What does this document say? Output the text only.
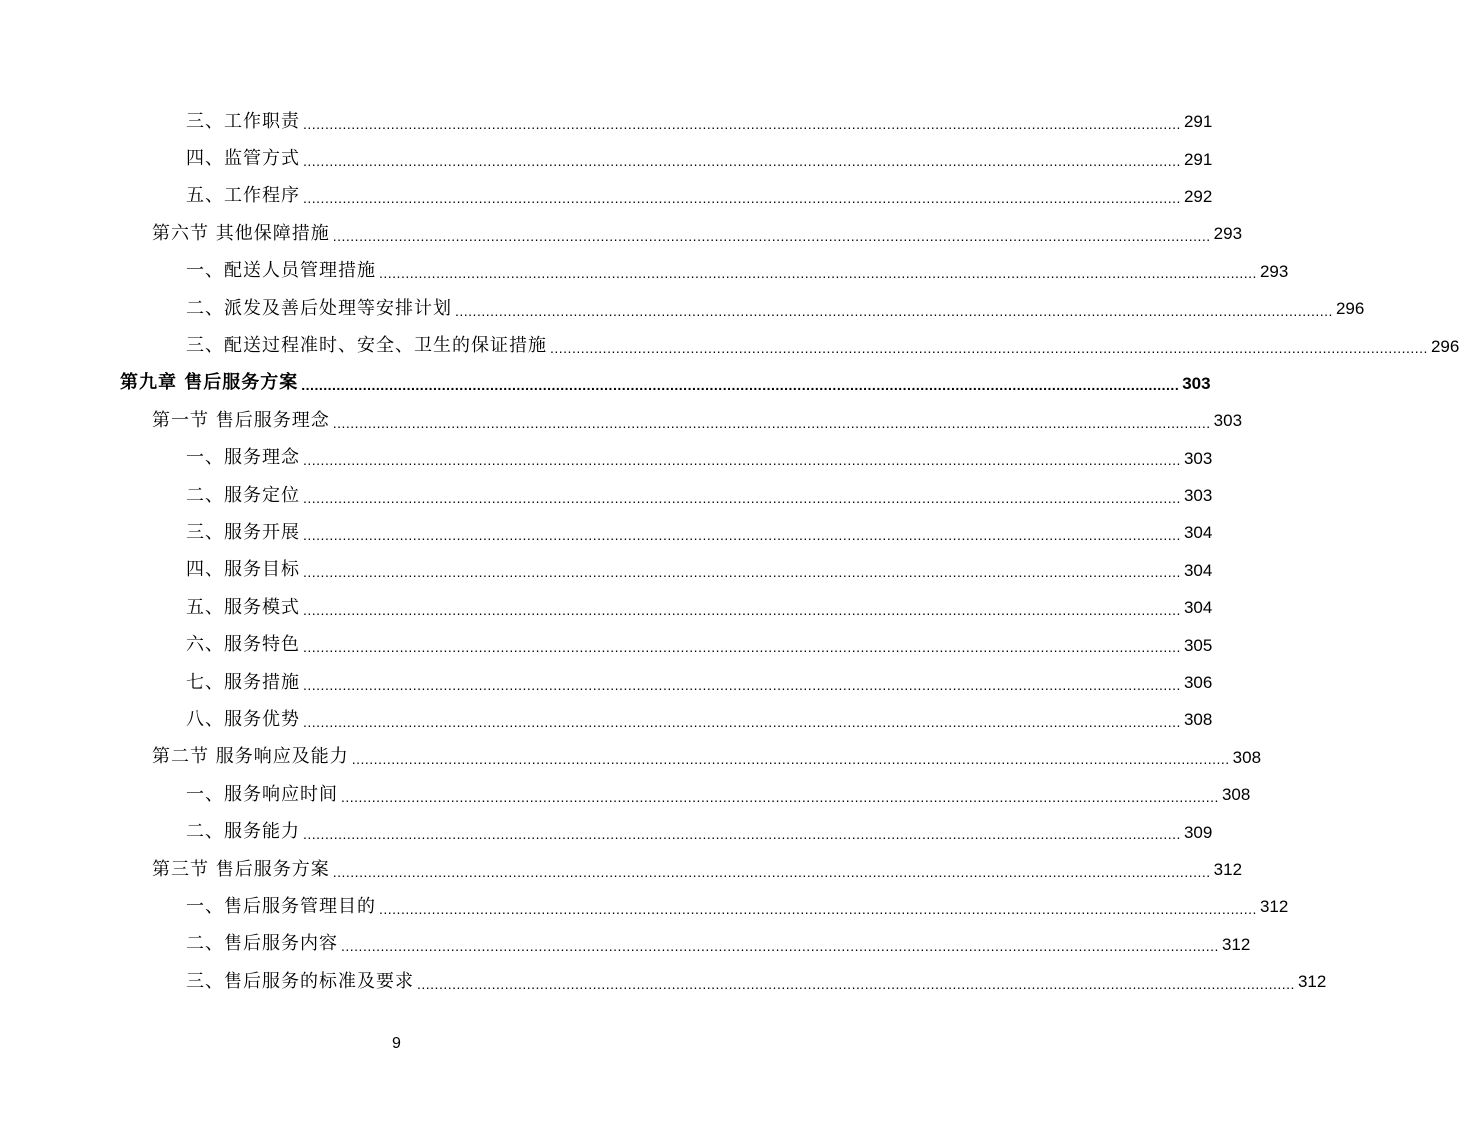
三、工作职责 ........................................................................................................................................................................................................ 291
四、监管方式 ........................................................................................................................................................................................................ 291
五、工作程序 ........................................................................................................................................................................................................ 292
第六节 其他保障措施 ........................................................................................................................................................................................................ 293
一、配送人员管理措施 ........................................................................................................................................................................................................ 293
二、派发及善后处理等安排计划 ........................................................................................................................................................................................................ 296
三、配送过程准时、安全、卫生的保证措施 ........................................................................................................................................................................................................ 296
第九章 售后服务方案 ........................................................................................................................................................................................................ 303
第一节 售后服务理念 ........................................................................................................................................................................................................ 303
一、服务理念 ........................................................................................................................................................................................................ 303
二、服务定位 ........................................................................................................................................................................................................ 303
三、服务开展 ........................................................................................................................................................................................................ 304
四、服务目标 ........................................................................................................................................................................................................ 304
五、服务模式 ........................................................................................................................................................................................................ 304
六、服务特色 ........................................................................................................................................................................................................ 305
七、服务措施 ........................................................................................................................................................................................................ 306
八、服务优势 ........................................................................................................................................................................................................ 308
第二节 服务响应及能力 ........................................................................................................................................................................................................ 308
一、服务响应时间 ........................................................................................................................................................................................................ 308
二、服务能力 ........................................................................................................................................................................................................ 309
第三节 售后服务方案 ........................................................................................................................................................................................................ 312
一、售后服务管理目的 ........................................................................................................................................................................................................ 312
二、售后服务内容 ........................................................................................................................................................................................................ 312
三、售后服务的标准及要求 ........................................................................................................................................................................................................ 312
9
